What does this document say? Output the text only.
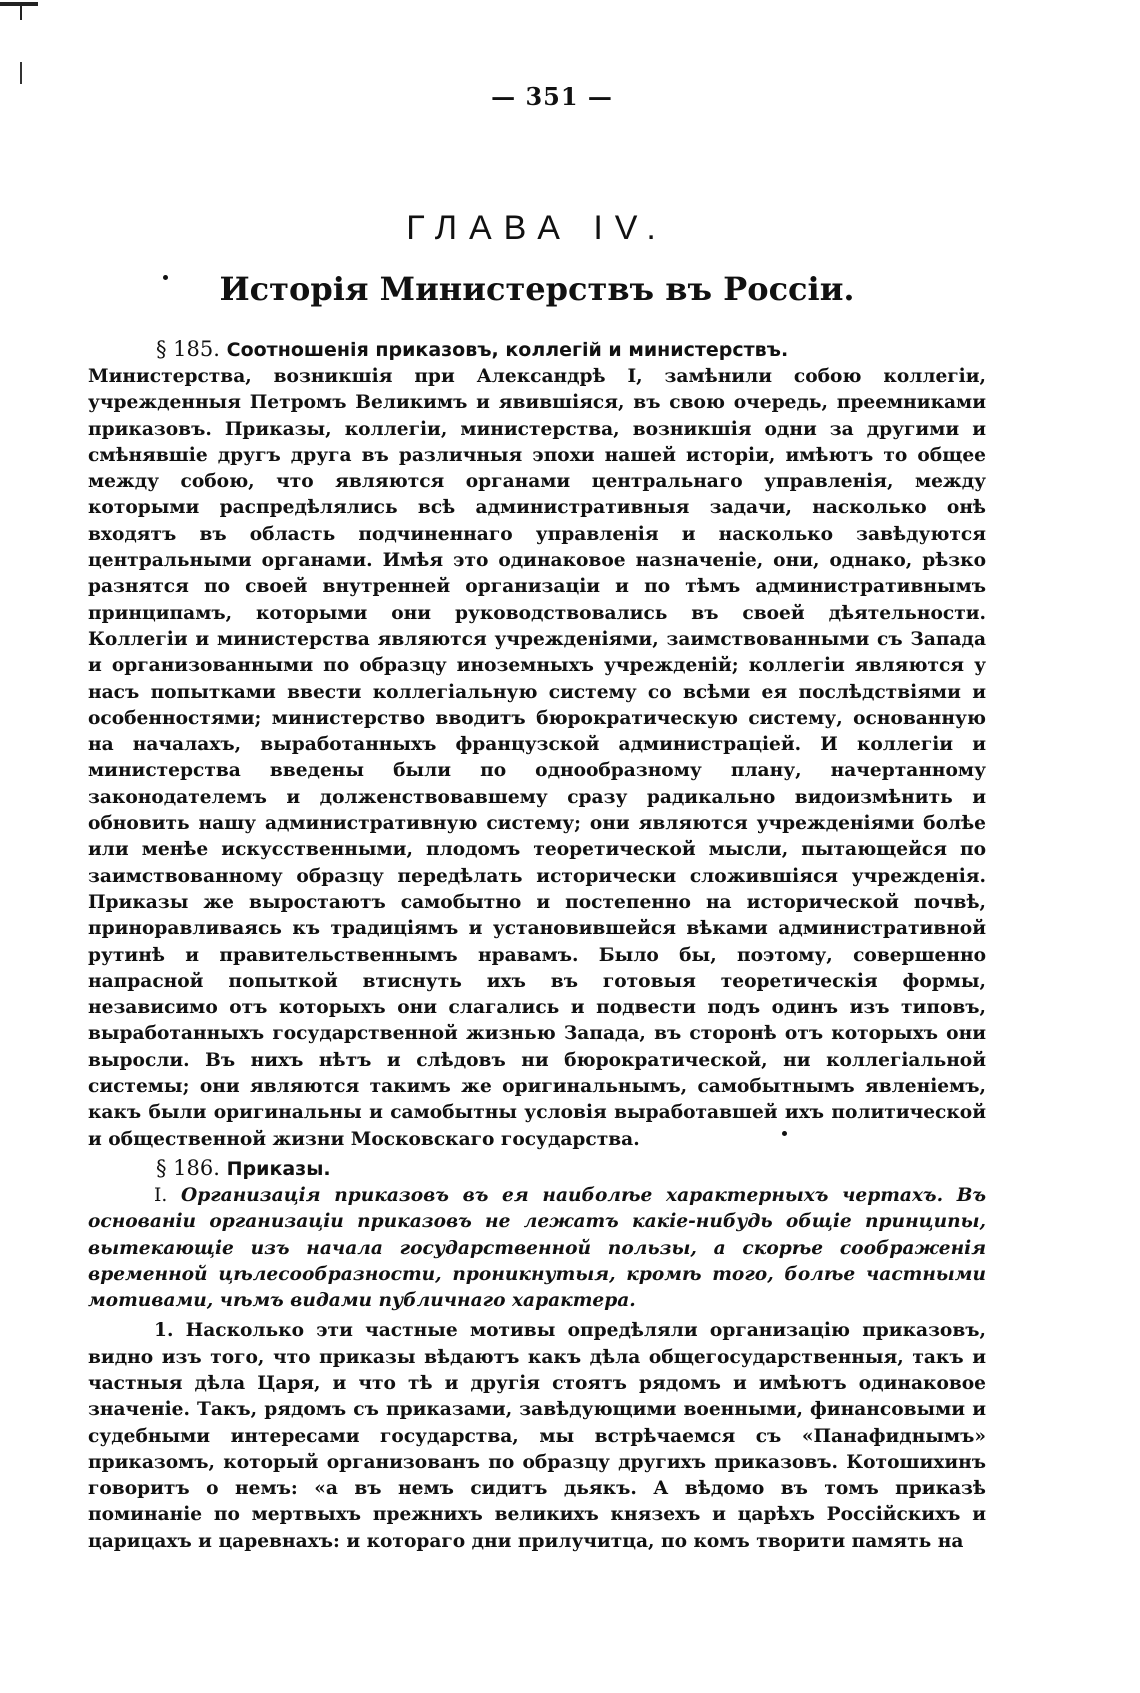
— 351 —
ГЛАВА IV.
Исторія Министерствъ въ Россіи.
§ 185. Соотношенія приказовъ, коллегій и министерствъ.

Министерства, возникшія при Александрѣ I, замѣнили собою коллегіи, учрежденныя Петромъ Великимъ и явившіяся, въ свою очередь, преемниками приказовъ. Приказы, коллегіи, министерства, возникшія одни за другими и смѣнявшіе другъ друга въ различныя эпохи нашей исторіи, имѣютъ то общее между собою, что являются органами центральнаго управленія, между которыми распредѣлялись всѣ административныя задачи, насколько онѣ входятъ въ область подчиненнаго управленія и насколько завѣдуются центральными органами. Имѣя это одинаковое назначеніе, они, однако, рѣзко разнятся по своей внутренней организаціи и по тѣмъ административнымъ принципамъ, которыми они руководствовались въ своей дѣятельности. Коллегіи и министерства являются учрежденіями, заимствованными съ Запада и организованными по образцу иноземныхъ учрежденій; коллегіи являются у насъ попытками ввести коллегіальную систему со всѣми ея послѣдствіями и особенностями; министерство вводитъ бюрократическую систему, основанную на началахъ, выработанныхъ французской администраціей. И коллегіи и министерства введены были по однообразному плану, начертанному законодателемъ и долженствовавшему сразу радикально видоизмѣнить и обновить нашу административную систему; они являются учрежденіями болѣе или менѣе искусственными, плодомъ теоретической мысли, пытающейся по заимствованному образцу передѣлать исторически сложившіяся учрежденія. Приказы же выростаютъ самобытно и постепенно на исторической почвѣ, приноравливаясь къ традиціямъ и установившейся вѣками административной рутинѣ и правительственнымъ нравамъ. Было бы, поэтому, совершенно напрасной попыткой втиснуть ихъ въ готовыя теоретическія формы, независимо отъ которыхъ они слагались и подвести подъ одинъ изъ типовъ, выработанныхъ государственной жизнью Запада, въ сторонѣ отъ которыхъ они выросли. Въ нихъ нѣтъ и слѣдовъ ни бюрократической, ни коллегіальной системы; они являются такимъ же оригинальнымъ, самобытнымъ явленіемъ, какъ были оригинальны и самобытны условія выработавшей ихъ политической и общественной жизни Московскаго государства.

§ 186. Приказы.

I. Организація приказовъ въ ея наиболѣе характерныхъ чертахъ. Въ основаніи организаціи приказовъ не лежатъ какіе-нибудь общіе принципы, вытекающіе изъ начала государственной пользы, а скорѣе соображенія временной цѣлесообразности, проникнутыя, кромѣ того, болѣе частными мотивами, чѣмъ видами публичнаго характера.

1. Насколько эти частные мотивы опредѣляли организацію приказовъ, видно изъ того, что приказы вѣдаютъ какъ дѣла общегосударственныя, такъ и частныя дѣла Царя, и что тѣ и другія стоятъ рядомъ и имѣютъ одинаковое значеніе. Такъ, рядомъ съ приказами, завѣдующими военными, финансовыми и судебными интересами государства, мы встрѣчаемся съ «Панафиднымъ» приказомъ, который организованъ по образцу другихъ приказовъ. Котошихинъ говоритъ о немъ: «а въ немъ сидитъ дьякъ. А вѣдомо въ томъ приказѣ поминаніе по мертвыхъ прежнихъ великихъ князехъ и царѣхъ Россійскихъ и царицахъ и царевнахъ: и котораго дни прилучитца, по комъ творити память на
